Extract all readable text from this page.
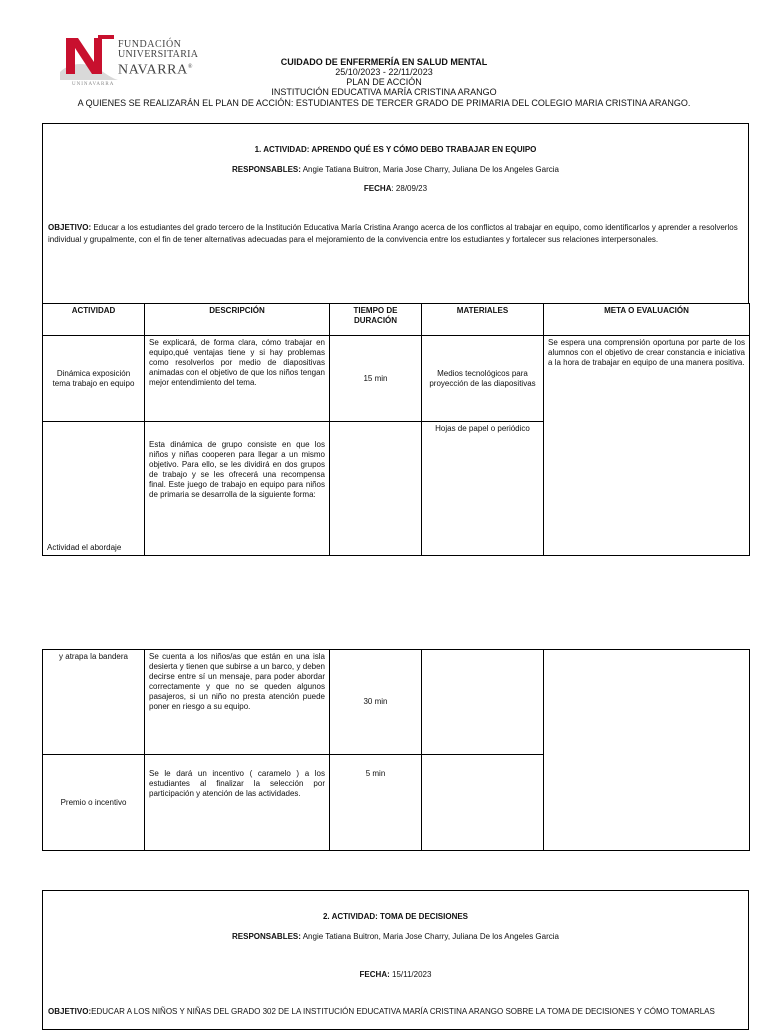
FUNDACIÓN
UNIVERSITARIA
NAVARRA®
UNINAVARRA
CUIDADO DE ENFERMERÍA EN SALUD MENTAL
25/10/2023 - 22/11/2023
PLAN DE ACCIÓN
INSTITUCIÓN EDUCATIVA MARÍA CRISTINA ARANGO
A QUIENES SE REALIZARÁN EL PLAN DE ACCIÓN: ESTUDIANTES DE TERCER GRADO DE PRIMARIA DEL COLEGIO MARIA CRISTINA ARANGO.
1. ACTIVIDAD: APRENDO QUÉ ES Y CÓMO DEBO TRABAJAR EN EQUIPO
RESPONSABLES: Angie Tatiana Buitron, Maria Jose Charry, Juliana De los Angeles Garcia
FECHA: 28/09/23
OBJETIVO: Educar a los estudiantes del grado tercero de la Institución Educativa María Cristina Arango acerca de los conflictos al trabajar en equipo, como identificarlos y aprender a resolverlos individual y grupalmente, con el fin de tener alternativas adecuadas para el mejoramiento de la convivencia entre los estudiantes y fortalecer sus relaciones interpersonales.
ACTIVIDAD	DESCRIPCIÓN	TIEMPO DE DURACIÓN	MATERIALES	META O EVALUACIÓN
Dinámica exposición tema trabajo en equipo	Se explicará, de forma clara, cómo trabajar en equipo,qué ventajas tiene y si hay problemas como resolverlos por medio de diapositivas animadas con el objetivo de que los niños tengan mejor entendimiento del tema.	15 min	Medios tecnológicos para proyección de las diapositivas	Se espera una comprensión oportuna por parte de los alumnos con el objetivo de crear constancia e iniciativa a la hora de trabajar en equipo de una manera positiva.
Actividad el abordaje	Esta dinámica de grupo consiste en que los niños y niñas cooperen para llegar a un mismo objetivo. Para ello, se les dividirá en dos grupos de trabajo y se les ofrecerá una recompensa final. Este juego de trabajo en equipo para niños de primaria se desarrolla de la siguiente forma:		Hojas de papel o periódico	
y atrapa la bandera	Se cuenta a los niños/as que están en una isla desierta y tienen que subirse a un barco, y deben decirse entre sí un mensaje, para poder abordar correctamente y que no se queden algunos pasajeros, si un niño no presta atención puede poner en riesgo a su equipo.	30 min		
Premio o incentivo	Se le dará un incentivo ( caramelo ) a los estudiantes al finalizar la selección por participación y atención de las actividades.	5 min		
2. ACTIVIDAD: TOMA DE DECISIONES
RESPONSABLES: Angie Tatiana Buitron, Maria Jose Charry, Juliana De los Angeles Garcia
FECHA: 15/11/2023
OBJETIVO:EDUCAR A LOS NIÑOS Y NIÑAS DEL GRADO 302 DE LA INSTITUCIÓN EDUCATIVA MARÍA CRISTINA ARANGO SOBRE LA TOMA DE DECISIONES Y CÓMO TOMARLAS
